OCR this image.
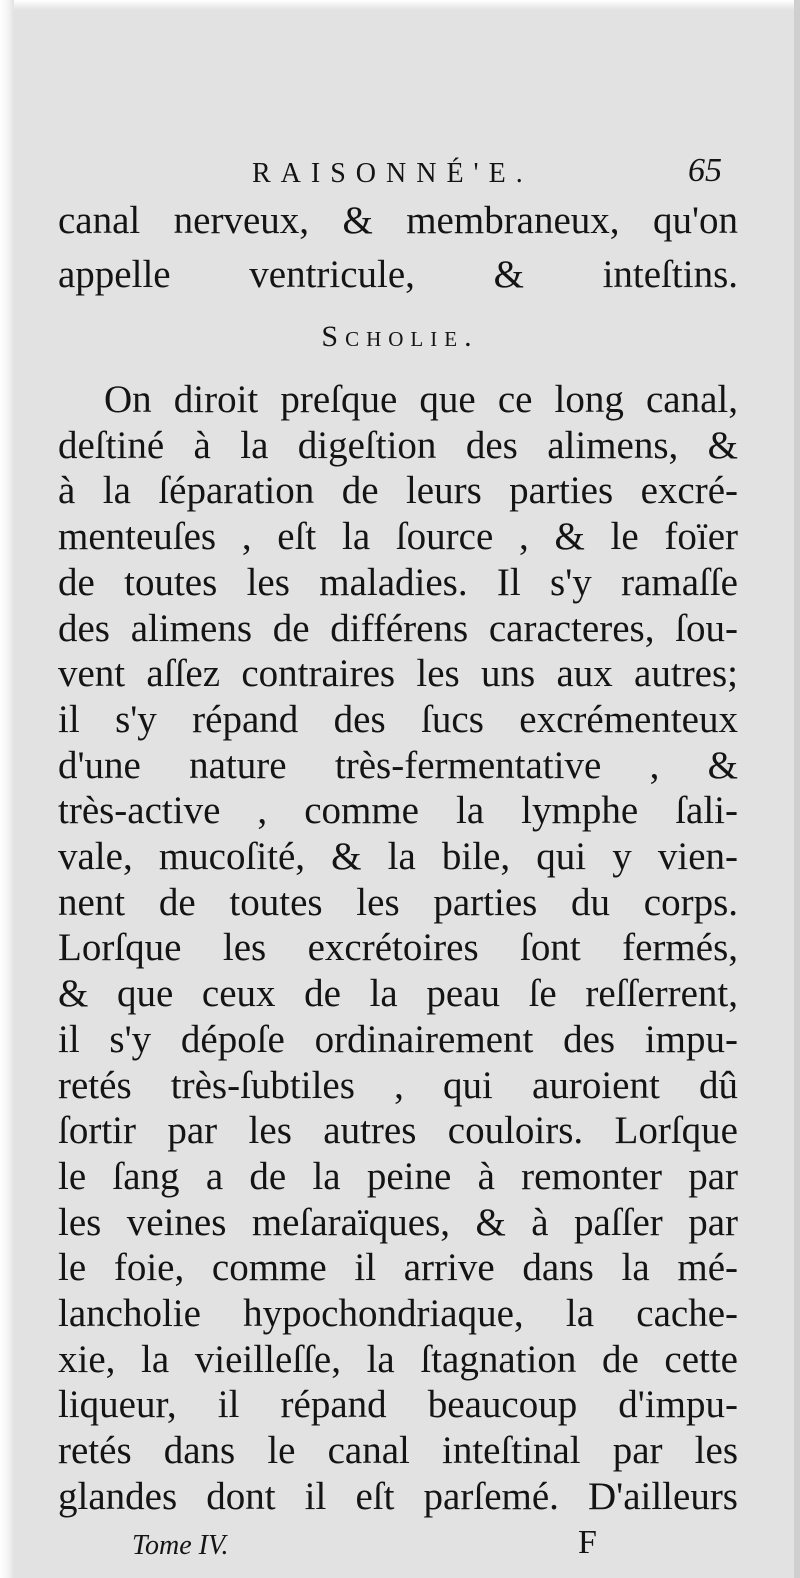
RAISONNÉ'E.	65
canal nerveux, & membraneux, qu'on
appelle ventricule, & inteſtins.
Scholie.
On diroit preſque que ce long canal,
deſtiné à la digeſtion des alimens, &
à la ſéparation de leurs parties excré-
menteuſes , eſt la ſource , & le foïer
de toutes les maladies. Il s'y ramaſſe
des alimens de différens caracteres, ſou-
vent aſſez contraires les uns aux autres;
il s'y répand des ſucs excrémenteux
d'une nature très-fermentative , &
très-active , comme la lymphe ſali-
vale, mucoſité, & la bile, qui y vien-
nent de toutes les parties du corps.
Lorſque les excrétoires ſont fermés,
& que ceux de la peau ſe reſſerrent,
il s'y dépoſe ordinairement des impu-
retés très-ſubtiles , qui auroient dû
ſortir par les autres couloirs. Lorſque
le ſang a de la peine à remonter par
les veines meſaraïques, & à paſſer par
le foie, comme il arrive dans la mé-
lancholie hypochondriaque, la cache-
xie, la vieilleſſe, la ſtagnation de cette
liqueur, il répand beaucoup d'impu-
retés dans le canal inteſtinal par les
glandes dont il eſt parſemé. D'ailleurs
Tome IV.	F
